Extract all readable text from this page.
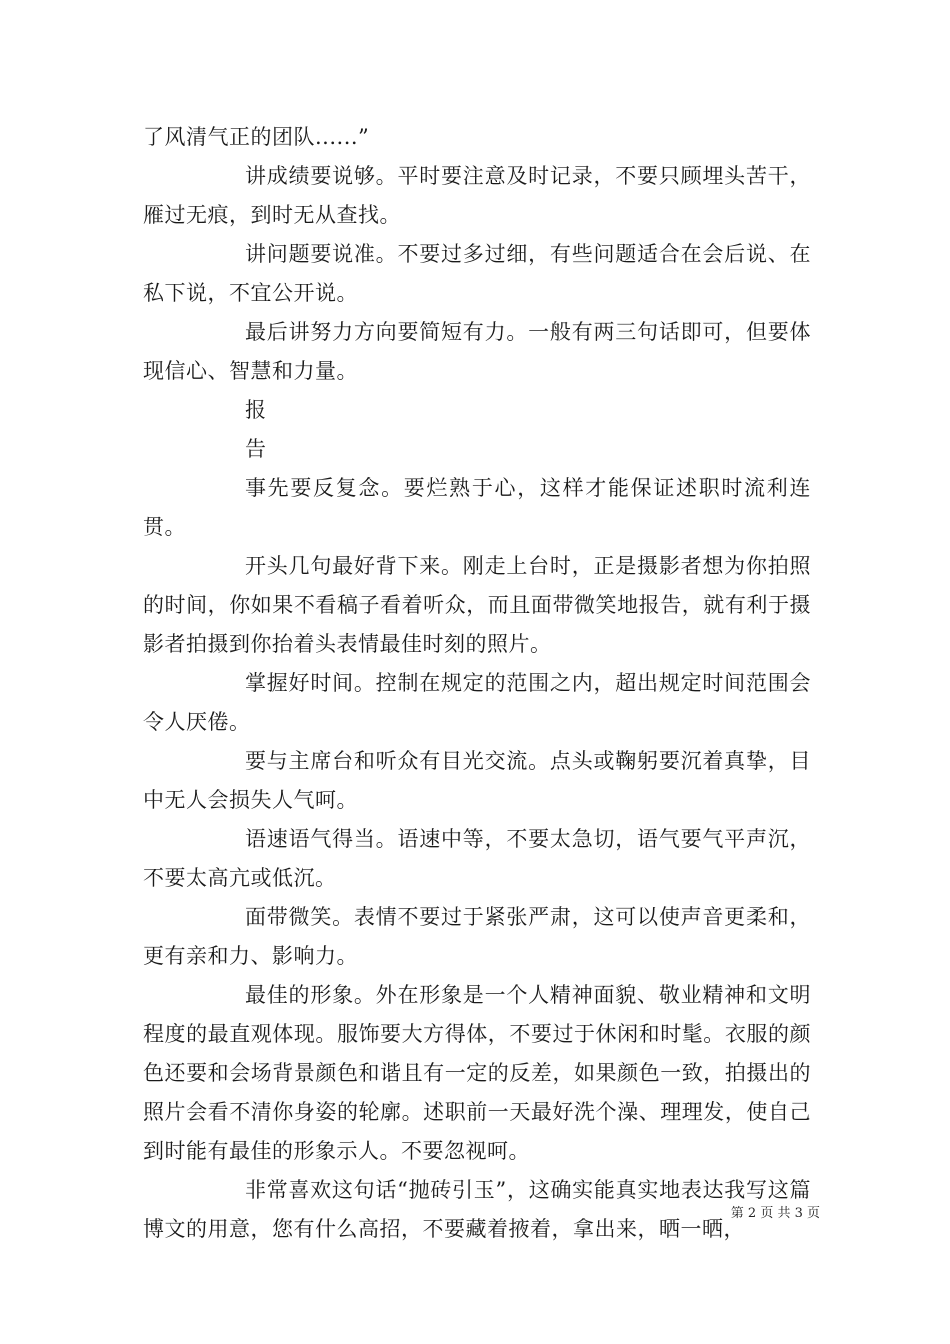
了风清气正的团队......”

讲成绩要说够。平时要注意及时记录，不要只顾埋头苦干，雁过无痕，到时无从查找。

讲问题要说准。不要过多过细，有些问题适合在会后说、在私下说，不宜公开说。

最后讲努力方向要简短有力。一般有两三句话即可，但要体现信心、智慧和力量。

报

告

事先要反复念。要烂熟于心，这样才能保证述职时流利连贯。

开头几句最好背下来。刚走上台时，正是摄影者想为你拍照的时间，你如果不看稿子看着听众，而且面带微笑地报告，就有利于摄影者拍摄到你抬着头表情最佳时刻的照片。

掌握好时间。控制在规定的范围之内，超出规定时间范围会令人厌倦。

要与主席台和听众有目光交流。点头或鞠躬要沉着真挚，目中无人会损失人气呵。

语速语气得当。语速中等，不要太急切，语气要气平声沉，不要太高亢或低沉。

面带微笑。表情不要过于紧张严肃，这可以使声音更柔和，更有亲和力、影响力。

最佳的形象。外在形象是一个人精神面貌、敬业精神和文明程度的最直观体现。服饰要大方得体，不要过于休闲和时髦。衣服的颜色还要和会场背景颜色和谐且有一定的反差，如果颜色一致，拍摄出的照片会看不清你身姿的轮廓。述职前一天最好洗个澡、理理发，使自己到时能有最佳的形象示人。不要忽视呵。

非常喜欢这句话“抛砖引玉”，这确实能真实地表达我写这篇博文的用意，您有什么高招，不要藏着掖着，拿出来，晒一晒，

第 2 页 共 3 页
